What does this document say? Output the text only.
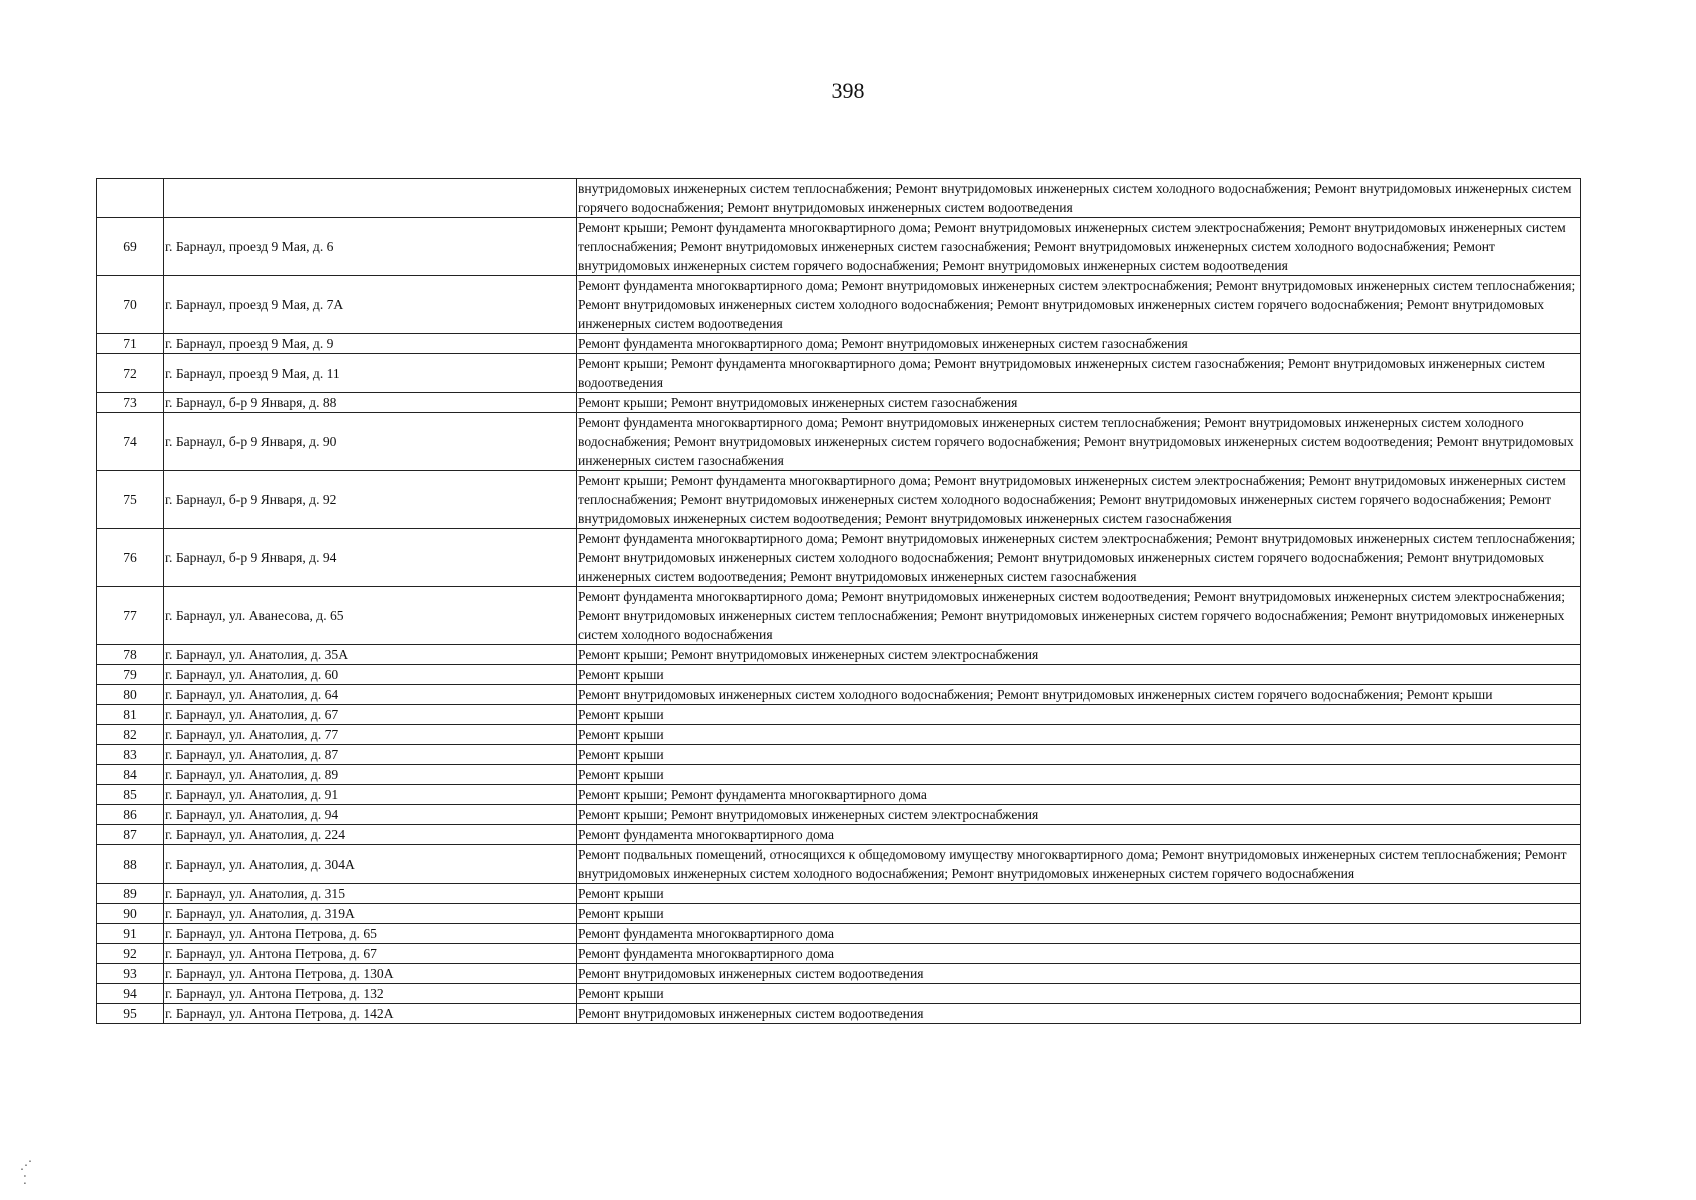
398
		внутридомовых инженерных систем теплоснабжения; Ремонт внутридомовых инженерных систем холодного водоснабжения; Ремонт внутридомовых инженерных систем горячего водоснабжения; Ремонт внутридомовых инженерных систем водоотведения
69	г. Барнаул, проезд 9 Мая, д. 6	Ремонт крыши; Ремонт фундамента многоквартирного дома; Ремонт внутридомовых инженерных систем электроснабжения; Ремонт внутридомовых инженерных систем теплоснабжения; Ремонт внутридомовых инженерных систем газоснабжения; Ремонт внутридомовых инженерных систем холодного водоснабжения; Ремонт внутридомовых инженерных систем горячего водоснабжения; Ремонт внутридомовых инженерных систем водоотведения
70	г. Барнаул, проезд 9 Мая, д. 7А	Ремонт фундамента многоквартирного дома; Ремонт внутридомовых инженерных систем электроснабжения; Ремонт внутридомовых инженерных систем теплоснабжения; Ремонт внутридомовых инженерных систем холодного водоснабжения; Ремонт внутридомовых инженерных систем горячего водоснабжения; Ремонт внутридомовых инженерных систем водоотведения
71	г. Барнаул, проезд 9 Мая, д. 9	Ремонт фундамента многоквартирного дома; Ремонт внутридомовых инженерных систем газоснабжения
72	г. Барнаул, проезд 9 Мая, д. 11	Ремонт крыши; Ремонт фундамента многоквартирного дома; Ремонт внутридомовых инженерных систем газоснабжения; Ремонт внутридомовых инженерных систем водоотведения
73	г. Барнаул, б-р 9 Января, д. 88	Ремонт крыши; Ремонт внутридомовых инженерных систем газоснабжения
74	г. Барнаул, б-р 9 Января, д. 90	Ремонт фундамента многоквартирного дома; Ремонт внутридомовых инженерных систем теплоснабжения; Ремонт внутридомовых инженерных систем холодного водоснабжения; Ремонт внутридомовых инженерных систем горячего водоснабжения; Ремонт внутридомовых инженерных систем водоотведения; Ремонт внутридомовых инженерных систем газоснабжения
75	г. Барнаул, б-р 9 Января, д. 92	Ремонт крыши; Ремонт фундамента многоквартирного дома; Ремонт внутридомовых инженерных систем электроснабжения; Ремонт внутридомовых инженерных систем теплоснабжения; Ремонт внутридомовых инженерных систем холодного водоснабжения; Ремонт внутридомовых инженерных систем горячего водоснабжения; Ремонт внутридомовых инженерных систем водоотведения; Ремонт внутридомовых инженерных систем газоснабжения
76	г. Барнаул, б-р 9 Января, д. 94	Ремонт фундамента многоквартирного дома; Ремонт внутридомовых инженерных систем электроснабжения; Ремонт внутридомовых инженерных систем теплоснабжения; Ремонт внутридомовых инженерных систем холодного водоснабжения; Ремонт внутридомовых инженерных систем горячего водоснабжения; Ремонт внутридомовых инженерных систем водоотведения; Ремонт внутридомовых инженерных систем газоснабжения
77	г. Барнаул, ул. Аванесова, д. 65	Ремонт фундамента многоквартирного дома; Ремонт внутридомовых инженерных систем водоотведения; Ремонт внутридомовых инженерных систем электроснабжения; Ремонт внутридомовых инженерных систем теплоснабжения; Ремонт внутридомовых инженерных систем горячего водоснабжения; Ремонт внутридомовых инженерных систем холодного водоснабжения
78	г. Барнаул, ул. Анатолия, д. 35А	Ремонт крыши; Ремонт внутридомовых инженерных систем электроснабжения
79	г. Барнаул, ул. Анатолия, д. 60	Ремонт крыши
80	г. Барнаул, ул. Анатолия, д. 64	Ремонт внутридомовых инженерных систем холодного водоснабжения; Ремонт внутридомовых инженерных систем горячего водоснабжения; Ремонт крыши
81	г. Барнаул, ул. Анатолия, д. 67	Ремонт крыши
82	г. Барнаул, ул. Анатолия, д. 77	Ремонт крыши
83	г. Барнаул, ул. Анатолия, д. 87	Ремонт крыши
84	г. Барнаул, ул. Анатолия, д. 89	Ремонт крыши
85	г. Барнаул, ул. Анатолия, д. 91	Ремонт крыши; Ремонт фундамента многоквартирного дома
86	г. Барнаул, ул. Анатолия, д. 94	Ремонт крыши; Ремонт внутридомовых инженерных систем электроснабжения
87	г. Барнаул, ул. Анатолия, д. 224	Ремонт фундамента многоквартирного дома
88	г. Барнаул, ул. Анатолия, д. 304А	Ремонт подвальных помещений, относящихся к общедомовому имуществу многоквартирного дома; Ремонт внутридомовых инженерных систем теплоснабжения; Ремонт внутридомовых инженерных систем холодного водоснабжения; Ремонт внутридомовых инженерных систем горячего водоснабжения
89	г. Барнаул, ул. Анатолия, д. 315	Ремонт крыши
90	г. Барнаул, ул. Анатолия, д. 319А	Ремонт крыши
91	г. Барнаул, ул. Антона Петрова, д. 65	Ремонт фундамента многоквартирного дома
92	г. Барнаул, ул. Антона Петрова, д. 67	Ремонт фундамента многоквартирного дома
93	г. Барнаул, ул. Антона Петрова, д. 130А	Ремонт внутридомовых инженерных систем водоотведения
94	г. Барнаул, ул. Антона Петрова, д. 132	Ремонт крыши
95	г. Барнаул, ул. Антона Петрова, д. 142А	Ремонт внутридомовых инженерных систем водоотведения
⋰
⁚
